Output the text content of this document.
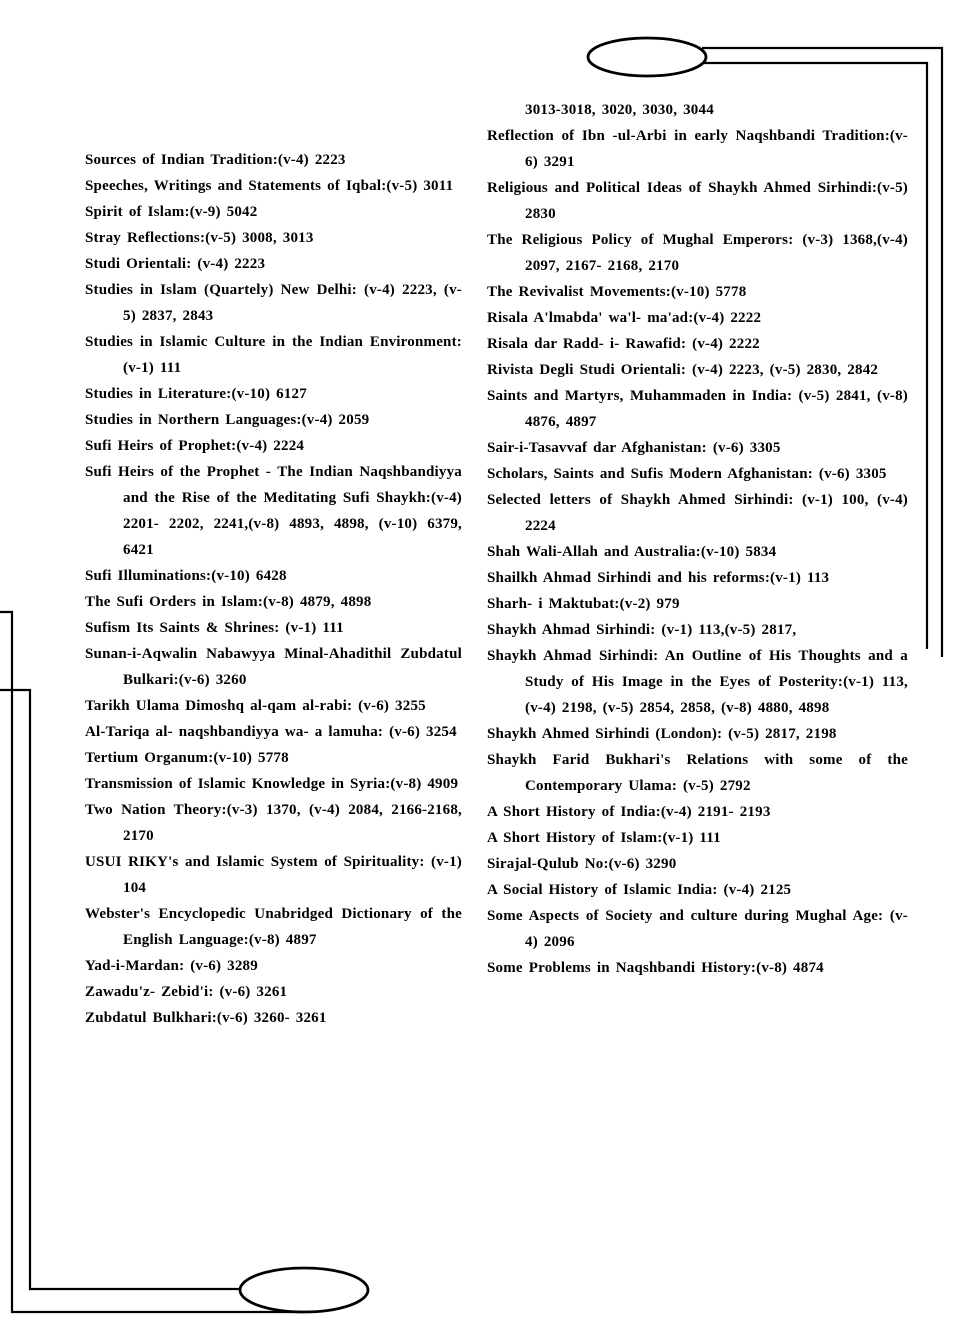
Sources of Indian Tradition:(v-4) 2223
Speeches, Writings and Statements of Iqbal:(v-5) 3011
Spirit of Islam:(v-9) 5042
Stray Reflections:(v-5) 3008, 3013
Studi Orientali: (v-4) 2223
Studies in Islam (Quartely) New Delhi: (v-4) 2223, (v-5) 2837, 2843
Studies in Islamic Culture in the Indian Environment: (v-1) 111
Studies in Literature:(v-10) 6127
Studies in Northern Languages:(v-4) 2059
Sufi Heirs of Prophet:(v-4) 2224
Sufi Heirs of the Prophet - The Indian Naqshbandiyya and the Rise of the Meditating Sufi Shaykh:(v-4) 2201- 2202, 2241,(v-8) 4893, 4898, (v-10) 6379, 6421
Sufi Illuminations:(v-10) 6428
The Sufi Orders in Islam:(v-8) 4879, 4898
Sufism Its Saints & Shrines: (v-1) 111
Sunan-i-Aqwalin Nabawyya Minal-Ahadithil Zubdatul Bulkari:(v-6) 3260
Tarikh Ulama Dimoshq al-qam al-rabi: (v-6) 3255
Al-Tariqa al- naqshbandiyya wa- a lamuha: (v-6) 3254
Tertium Organum:(v-10) 5778
Transmission of Islamic Knowledge in Syria:(v-8) 4909
Two Nation Theory:(v-3) 1370, (v-4) 2084, 2166-2168, 2170
USUI RIKY's and Islamic System of Spirituality: (v-1) 104
Webster's Encyclopedic Unabridged Dictionary of the English Language:(v-8) 4897
Yad-i-Mardan: (v-6) 3289
Zawadu'z- Zebid'i: (v-6) 3261
Zubdatul Bulkhari:(v-6) 3260- 3261
3013-3018, 3020, 3030, 3044
Reflection of Ibn -ul-Arbi in early Naqshbandi Tradition:(v-6) 3291
Religious and Political Ideas of Shaykh Ahmed Sirhindi:(v-5) 2830
The Religious Policy of Mughal Emperors: (v-3) 1368,(v-4) 2097, 2167- 2168, 2170
The Revivalist Movements:(v-10) 5778
Risala A'lmabda' wa'l- ma'ad:(v-4) 2222
Risala dar Radd- i- Rawafid: (v-4) 2222
Rivista Degli Studi Orientali: (v-4) 2223, (v-5) 2830, 2842
Saints and Martyrs, Muhammaden in India: (v-5) 2841, (v-8) 4876, 4897
Sair-i-Tasavvaf dar Afghanistan: (v-6) 3305
Scholars, Saints and Sufis Modern Afghanistan: (v-6) 3305
Selected letters of Shaykh Ahmed Sirhindi: (v-1) 100, (v-4) 2224
Shah Wali-Allah and Australia:(v-10) 5834
Shailkh Ahmad Sirhindi and his reforms:(v-1) 113
Sharh- i Maktubat:(v-2) 979
Shaykh Ahmad Sirhindi: (v-1) 113,(v-5) 2817,
Shaykh Ahmad Sirhindi: An Outline of His Thoughts and a Study of His Image in the Eyes of Posterity:(v-1) 113,(v-4) 2198, (v-5) 2854, 2858, (v-8) 4880, 4898
Shaykh Ahmed Sirhindi (London): (v-5) 2817, 2198
Shaykh Farid Bukhari's Relations with some of the Contemporary Ulama: (v-5) 2792
A Short History of India:(v-4) 2191- 2193
A Short History of Islam:(v-1) 111
Sirajal-Qulub No:(v-6) 3290
A Social History of Islamic India: (v-4) 2125
Some Aspects of Society and culture during Mughal Age: (v-4) 2096
Some Problems in Naqshbandi History:(v-8) 4874
